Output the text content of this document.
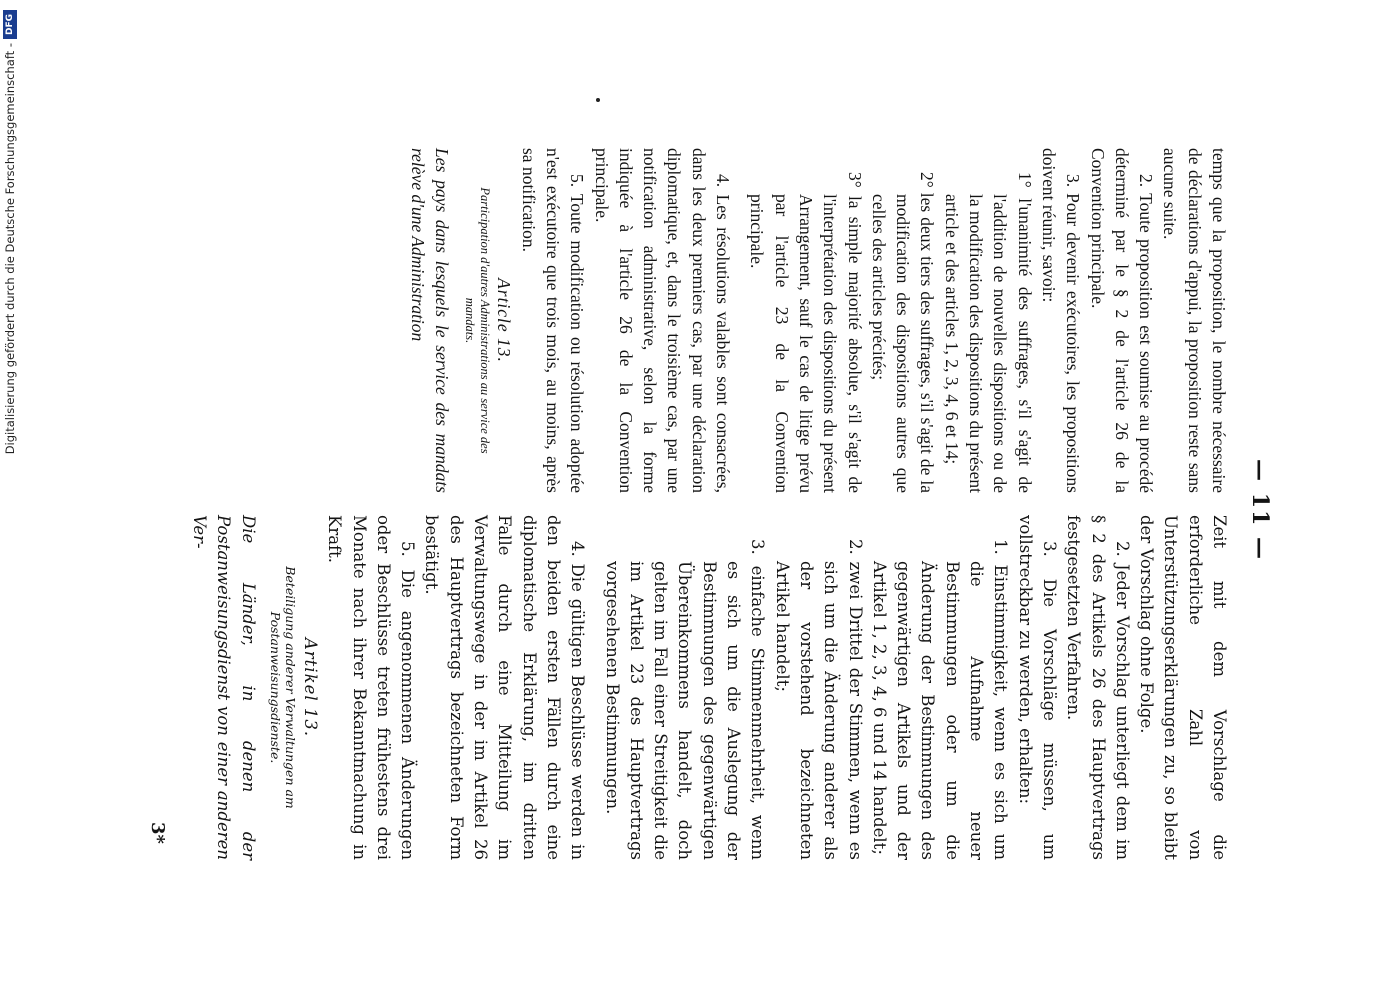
— 11 —

temps que la proposition, le nombre nécessaire de déclarations d'appui, la proposition reste sans aucune suite.

2. Toute proposition est soumise au procédé déterminé par le § 2 de l'article 26 de la Convention principale.

3. Pour devenir exécutoires, les propositions doivent réunir, savoir:

1° l'unanimité des suffrages, s'il s'agit de l'addition de nouvelles dispositions ou de la modification des dispositions du présent article et des articles 1, 2, 3, 4, 6 et 14;

2° les deux tiers des suffrages, s'il s'agit de la modification des dispositions autres que celles des articles précités;

3° la simple majorité absolue, s'il s'agit de l'interprétation des dispositions du présent Arrangement, sauf le cas de litige prévu par l'article 23 de la Convention principale.

4. Les résolutions valables sont consacrées, dans les deux premiers cas, par une déclaration diplomatique, et, dans le troisième cas, par une notification administrative, selon la forme indiquée à l'article 26 de la Convention principale.

5. Toute modification ou résolution adoptée n'est exécutoire que trois mois, au moins, après sa notification.

Article 13.

Participation d'autres Administrations au service des mandats.

Les pays dans lesquels le service des mandats relève d'une Administration

Zeit mit dem Vorschlage die erforderliche Zahl von Unterstützungserklärungen zu, so bleibt der Vorschlag ohne Folge.

2. Jeder Vorschlag unterliegt dem im § 2 des Artikels 26 des Hauptvertrags festgesetzten Verfahren.

3. Die Vorschläge müssen, um vollstreckbar zu werden, erhalten:

1. Einstimmigkeit, wenn es sich um die Aufnahme neuer Bestimmungen oder um die Änderung der Bestimmungen des gegenwärtigen Artikels und der Artikel 1, 2, 3, 4, 6 und 14 handelt;

2. zwei Drittel der Stimmen, wenn es sich um die Änderung anderer als der vorstehend bezeichneten Artikel handelt;

3. einfache Stimmenmehrheit, wenn es sich um die Auslegung der Bestimmungen des gegenwärtigen Übereinkommens handelt, doch gelten im Fall einer Streitigkeit die im Artikel 23 des Hauptvertrags vorgesehenen Bestimmungen.

4. Die gültigen Beschlüsse werden in den beiden ersten Fällen durch eine diplomatische Erklärung, im dritten Falle durch eine Mitteilung im Verwaltungswege in der im Artikel 26 des Hauptvertrags bezeichneten Form bestätigt.

5. Die angenommenen Änderungen oder Beschlüsse treten frühestens drei Monate nach ihrer Bekanntmachung in Kraft.

Artikel 13.

Beteiligung anderer Verwaltungen am Postanweisungsdienste.

Die Länder, in denen der Postanweisungsdienst von einer anderen Ver-

3*
Digitalisierung gefördert durch die Deutsche Forschungsgemeinschaft -
DFG
